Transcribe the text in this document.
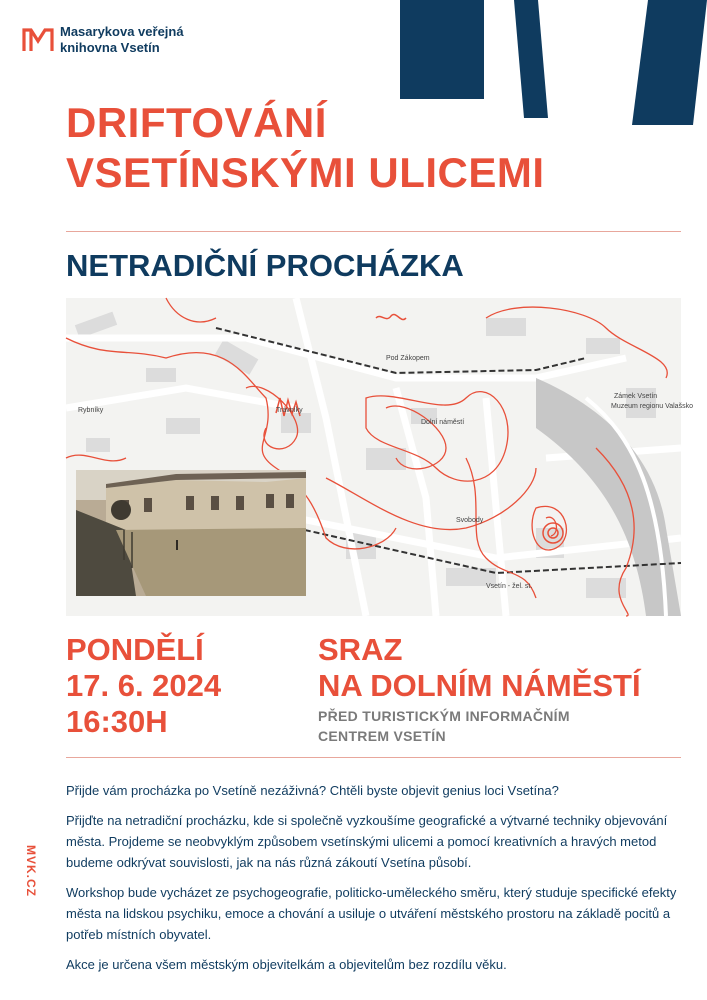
Masarykova veřejná
knihovna Vsetín
DRIFTOVÁNÍ
VSETÍNSKÝMI ULICEMI
NETRADIČNÍ PROCHÁZKA
Rybníky	Trávníky
Dolní náměstí
Svobody
Pod Zákopem
Zámek Vsetín
Muzeum regionu Valašsko
Vsetín - žel. st.
PONDĚLÍ
17. 6. 2024
16:30H
SRAZ
NA DOLNÍM NÁMĚSTÍ
PŘED TURISTICKÝM INFORMAČNÍM
CENTREM VSETÍN

Přijde vám procházka po Vsetíně nezáživná? Chtěli byste objevit genius loci Vsetína?

Přijďte na netradiční procházku, kde si společně vyzkoušíme geografické a výtvarné techniky objevování města. Projdeme se neobvyklým způsobem vsetínskými ulicemi a pomocí kreativních a hravých metod budeme odkrývat souvislosti, jak na nás různá zákoutí Vsetína působí.

Workshop bude vycházet ze psychogeografie, politicko-uměleckého směru, který studuje specifické efekty města na lidskou psychiku, emoce a chování a usiluje o utváření městského prostoru na základě pocitů a potřeb místních obyvatel.

Akce je určena všem městským objevitelkám a objevitelům bez rozdílu věku.

MVK.CZ
